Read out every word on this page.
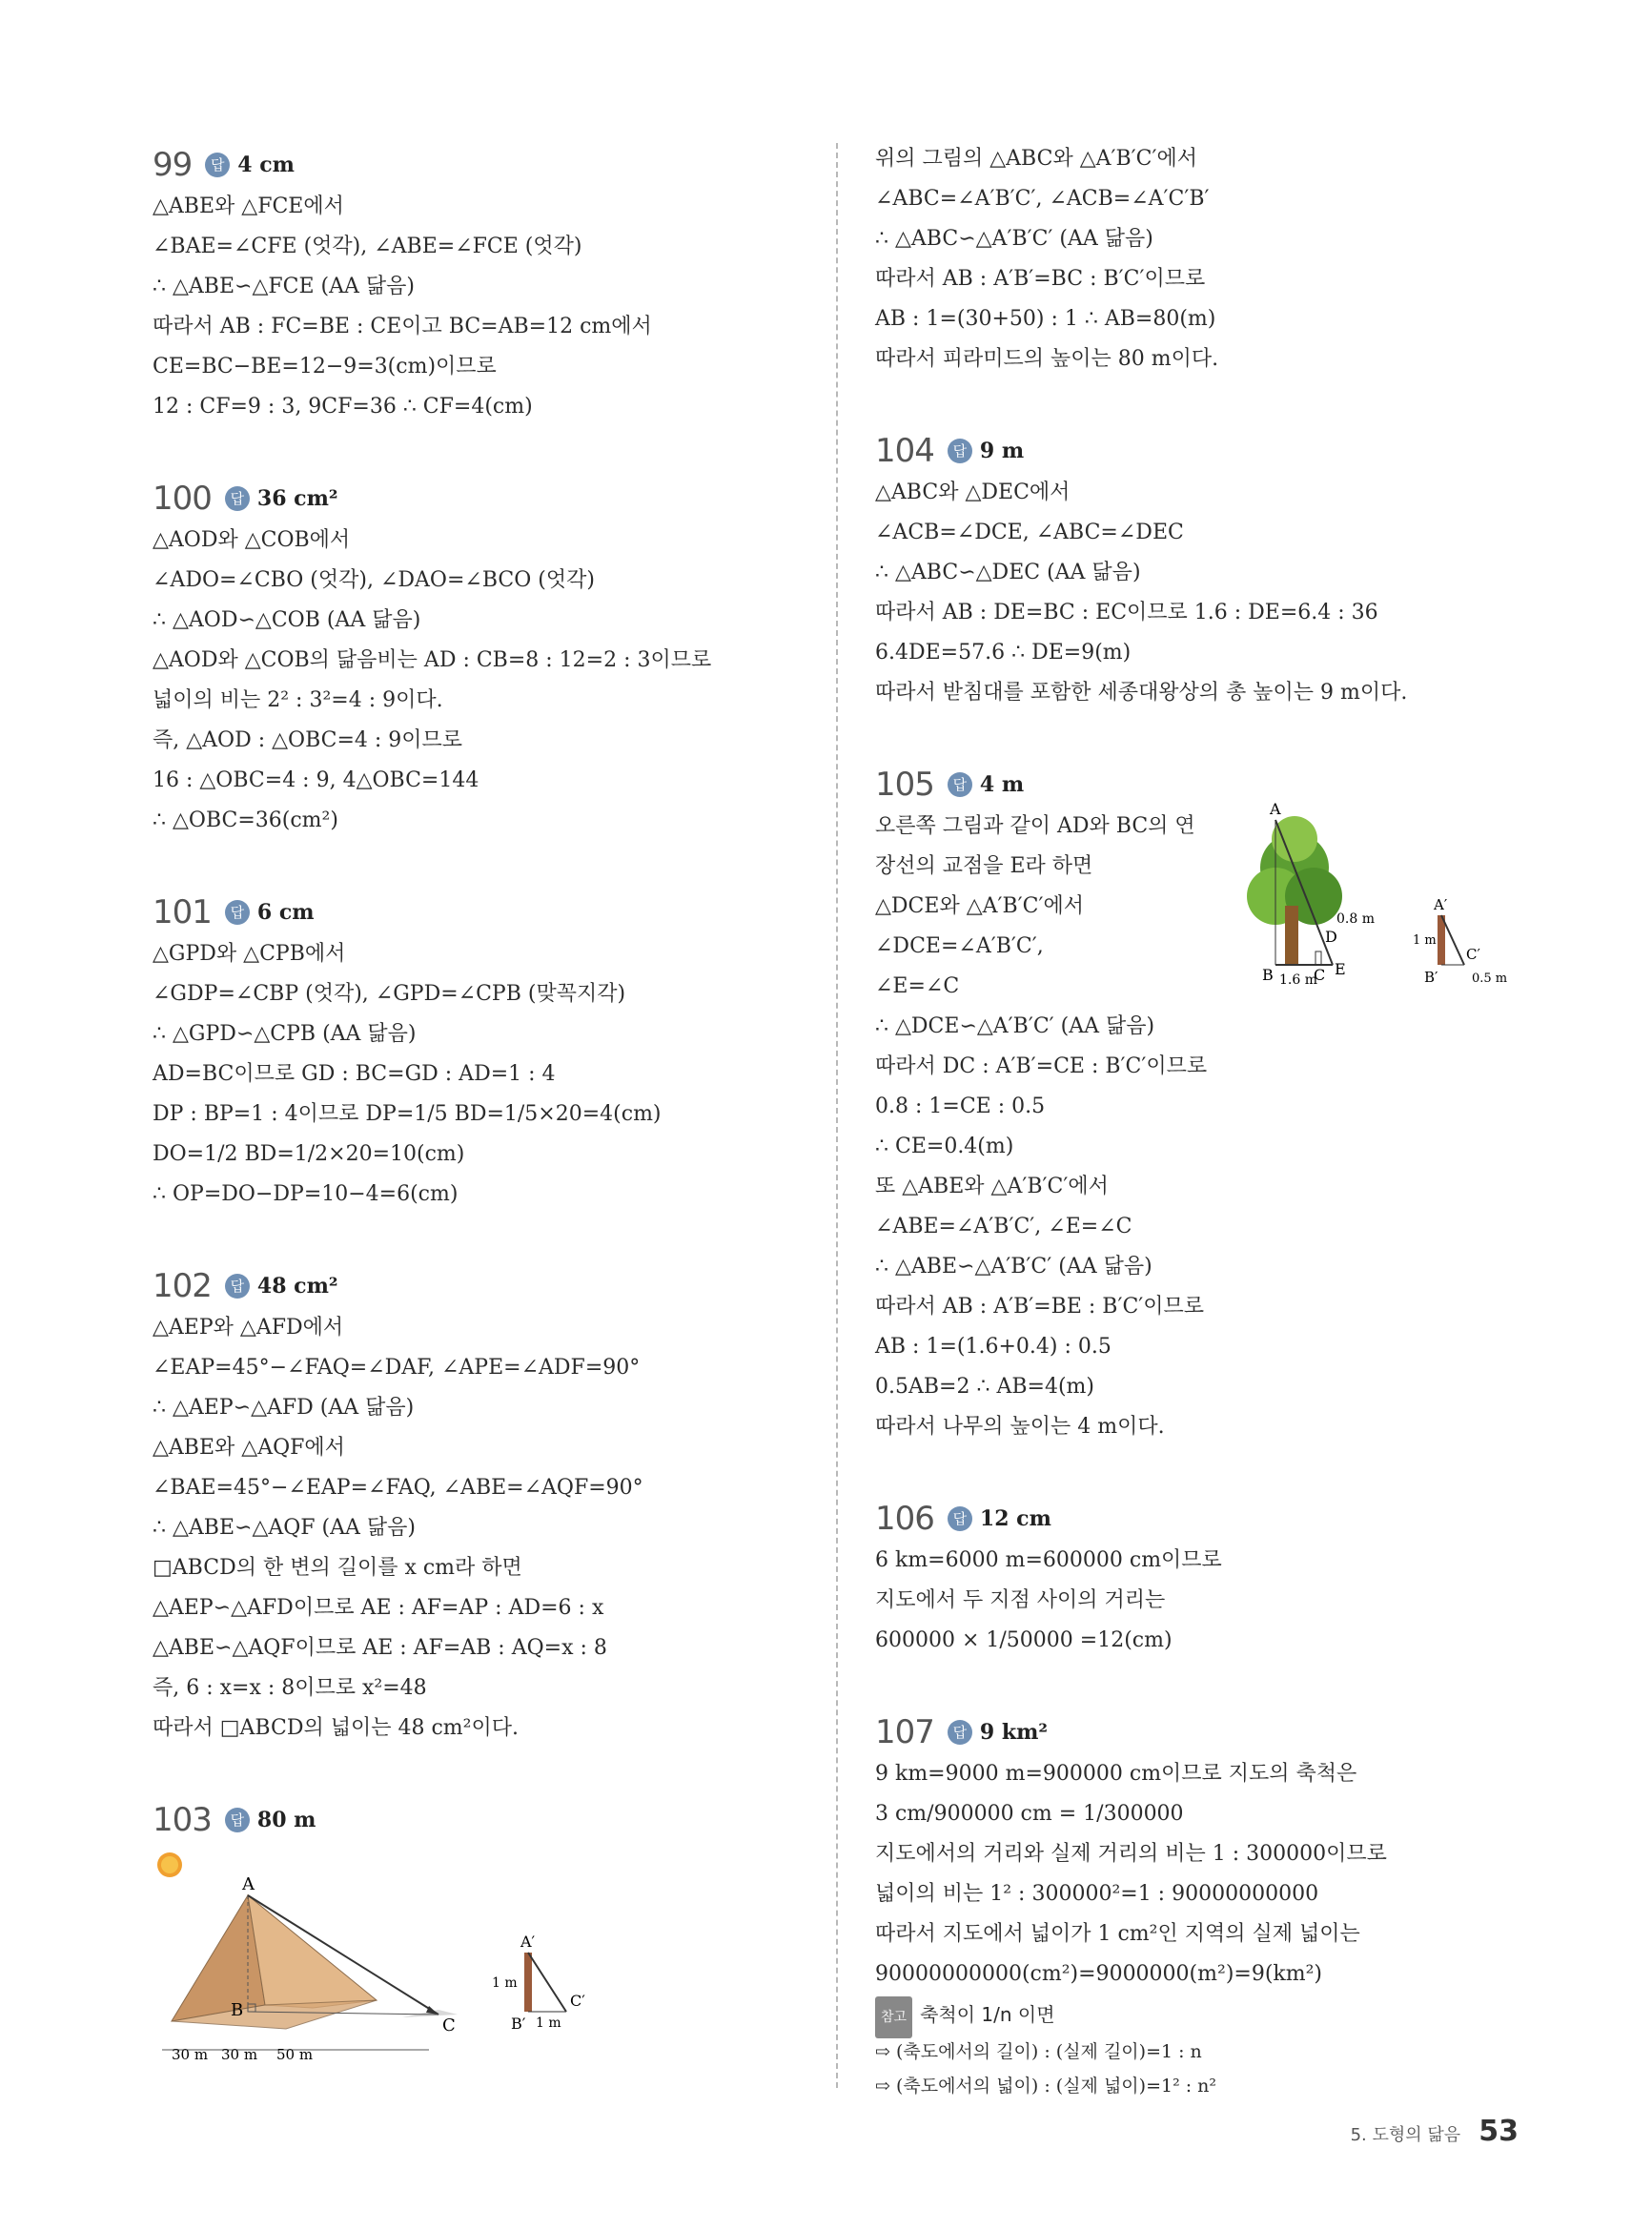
99	답 4 cm
△ABE와 △FCE에서
∠BAE=∠CFE (엇각), ∠ABE=∠FCE (엇각)
∴ △ABE∽△FCE (AA 닮음)
따라서 AB : FC=BE : CE이고 BC=AB=12 cm에서
CE=BC−BE=12−9=3(cm)이므로
12 : CF=9 : 3, 9CF=36 ∴ CF=4(cm)
100	답 36 cm²
△AOD와 △COB에서
∠ADO=∠CBO (엇각), ∠DAO=∠BCO (엇각)
∴ △AOD∽△COB (AA 닮음)
△AOD와 △COB의 닮음비는 AD : CB=8 : 12=2 : 3이므로
넓이의 비는 2² : 3²=4 : 9이다.
즉, △AOD : △OBC=4 : 9이므로
16 : △OBC=4 : 9, 4△OBC=144
∴ △OBC=36(cm²)
101	답 6 cm
△GPD와 △CPB에서
∠GDP=∠CBP (엇각), ∠GPD=∠CPB (맞꼭지각)
∴ △GPD∽△CPB (AA 닮음)
AD=BC이므로 GD : BC=GD : AD=1 : 4
DP : BP=1 : 4이므로 DP=1/5 BD=1/5×20=4(cm)
DO=1/2 BD=1/2×20=10(cm)
∴ OP=DO−DP=10−4=6(cm)
102	답 48 cm²
△AEP와 △AFD에서
∠EAP=45°−∠FAQ=∠DAF, ∠APE=∠ADF=90°
∴ △AEP∽△AFD (AA 닮음)
△ABE와 △AQF에서
∠BAE=45°−∠EAP=∠FAQ, ∠ABE=∠AQF=90°
∴ △ABE∽△AQF (AA 닮음)
□ABCD의 한 변의 길이를 x cm라 하면
△AEP∽△AFD이므로 AE : AF=AP : AD=6 : x
△ABE∽△AQF이므로 AE : AF=AB : AQ=x : 8
즉, 6 : x=x : 8이므로 x²=48
따라서 □ABCD의 넓이는 48 cm²이다.
103	답 80 m
A
B
C
30 m 30 m 50 m
A′
B′
C′
1 m
1 m
위의 그림의 △ABC와 △A′B′C′에서
∠ABC=∠A′B′C′, ∠ACB=∠A′C′B′
∴ △ABC∽△A′B′C′ (AA 닮음)
따라서 AB : A′B′=BC : B′C′이므로
AB : 1=(30+50) : 1 ∴ AB=80(m)
따라서 피라미드의 높이는 80 m이다.
104	답 9 m
△ABC와 △DEC에서
∠ACB=∠DCE, ∠ABC=∠DEC
∴ △ABC∽△DEC (AA 닮음)
따라서 AB : DE=BC : EC이므로 1.6 : DE=6.4 : 36
6.4DE=57.6 ∴ DE=9(m)
따라서 받침대를 포함한 세종대왕상의 총 높이는 9 m이다.
105	답 4 m
A
B	C
D
E
1.6 m
0.8 m
A′
B′
C′
1 m
0.5 m
오른쪽 그림과 같이 AD와 BC의 연
장선의 교점을 E라 하면
△DCE와 △A′B′C′에서
∠DCE=∠A′B′C′,
∠E=∠C
∴ △DCE∽△A′B′C′ (AA 닮음)
따라서 DC : A′B′=CE : B′C′이므로
0.8 : 1=CE : 0.5
∴ CE=0.4(m)
또 △ABE와 △A′B′C′에서
∠ABE=∠A′B′C′, ∠E=∠C
∴ △ABE∽△A′B′C′ (AA 닮음)
따라서 AB : A′B′=BE : B′C′이므로
AB : 1=(1.6+0.4) : 0.5
0.5AB=2 ∴ AB=4(m)
따라서 나무의 높이는 4 m이다.
106	답 12 cm
6 km=6000 m=600000 cm이므로
지도에서 두 지점 사이의 거리는
600000 × 1/50000 =12(cm)
107	답 9 km²
9 km=9000 m=900000 cm이므로 지도의 축척은
3 cm/900000 cm = 1/300000
지도에서의 거리와 실제 거리의 비는 1 : 300000이므로
넓이의 비는 1² : 300000²=1 : 90000000000
따라서 지도에서 넓이가 1 cm²인 지역의 실제 넓이는
90000000000(cm²)=9000000(m²)=9(km²)
참고 축척이 1/n 이면
⇨ (축도에서의 길이) : (실제 길이)=1 : n
⇨ (축도에서의 넓이) : (실제 넓이)=1² : n²
5. 도형의 닮음 53
